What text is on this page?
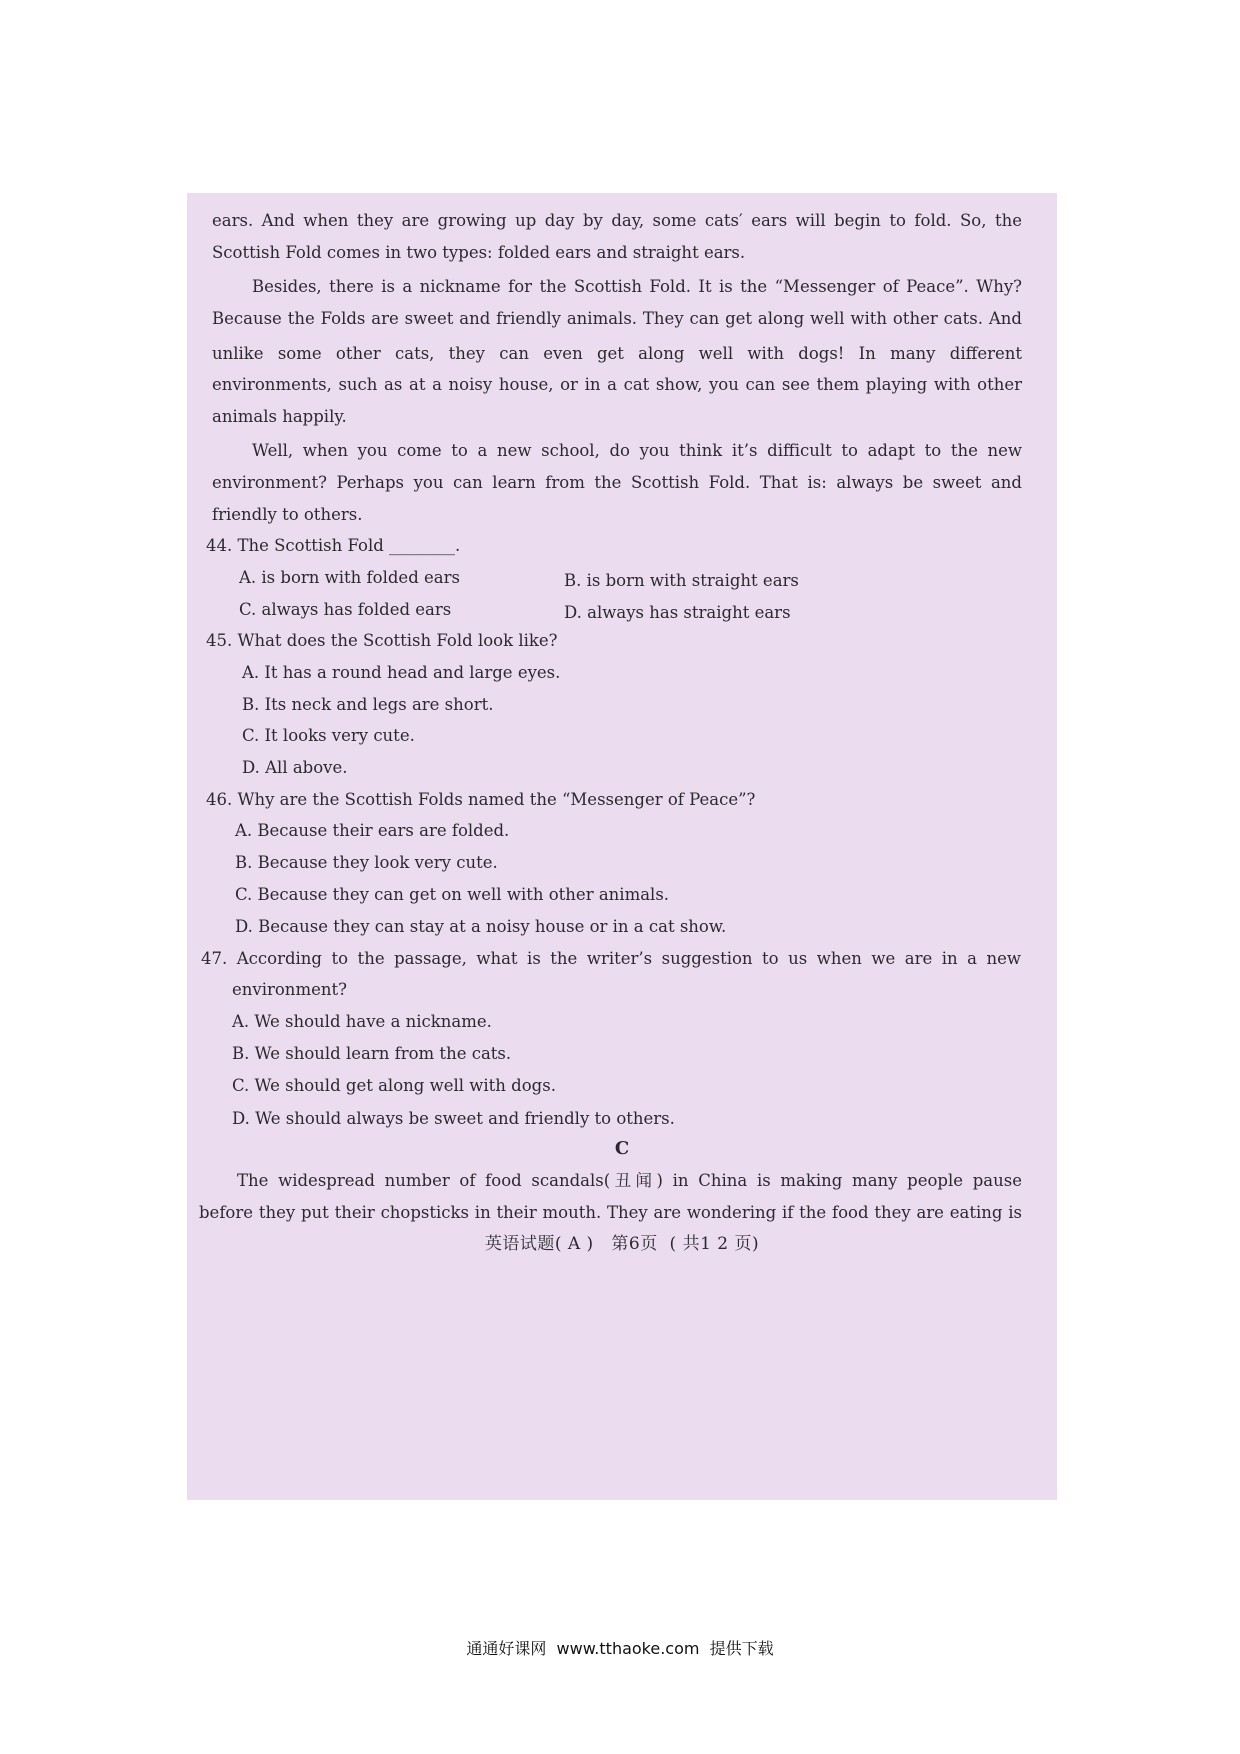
ears. And when they are growing up day by day, some cats′ ears will begin to fold. So, the
Scottish Fold comes in two types: folded ears and straight ears.
Besides, there is a nickname for the Scottish Fold. It is the “Messenger of Peace”. Why?
Because the Folds are sweet and friendly animals. They can get along well with other cats. And
unlike some other cats, they can even get along well with dogs! In many different
environments, such as at a noisy house, or in a cat show, you can see them playing with other
animals happily.
Well, when you come to a new school, do you think it’s difficult to adapt to the new
environment? Perhaps you can learn from the Scottish Fold. That is: always be sweet and
friendly to others.
44. The Scottish Fold ________.
A. is born with folded ears	B. is born with straight ears
C. always has folded ears	D. always has straight ears
45. What does the Scottish Fold look like?
A. It has a round head and large eyes.
B. Its neck and legs are short.
C. It looks very cute.
D. All above.
46. Why are the Scottish Folds named the “Messenger of Peace”?
A. Because their ears are folded.
B. Because they look very cute.
C. Because they can get on well with other animals.
D. Because they can stay at a noisy house or in a cat show.
47. According to the passage, what is the writer’s suggestion to us when we are in a new
environment?
A. We should have a nickname.
B. We should learn from the cats.
C. We should get along well with dogs.
D. We should always be sweet and friendly to others.
C
The widespread number of food scandals(丑闻) in China is making many people pause
before they put their chopsticks in their mouth. They are wondering if the food they are eating is
英语试题( A )   第6页  ( 共1 2 页)
通通好课网  www.tthaoke.com  提供下载
